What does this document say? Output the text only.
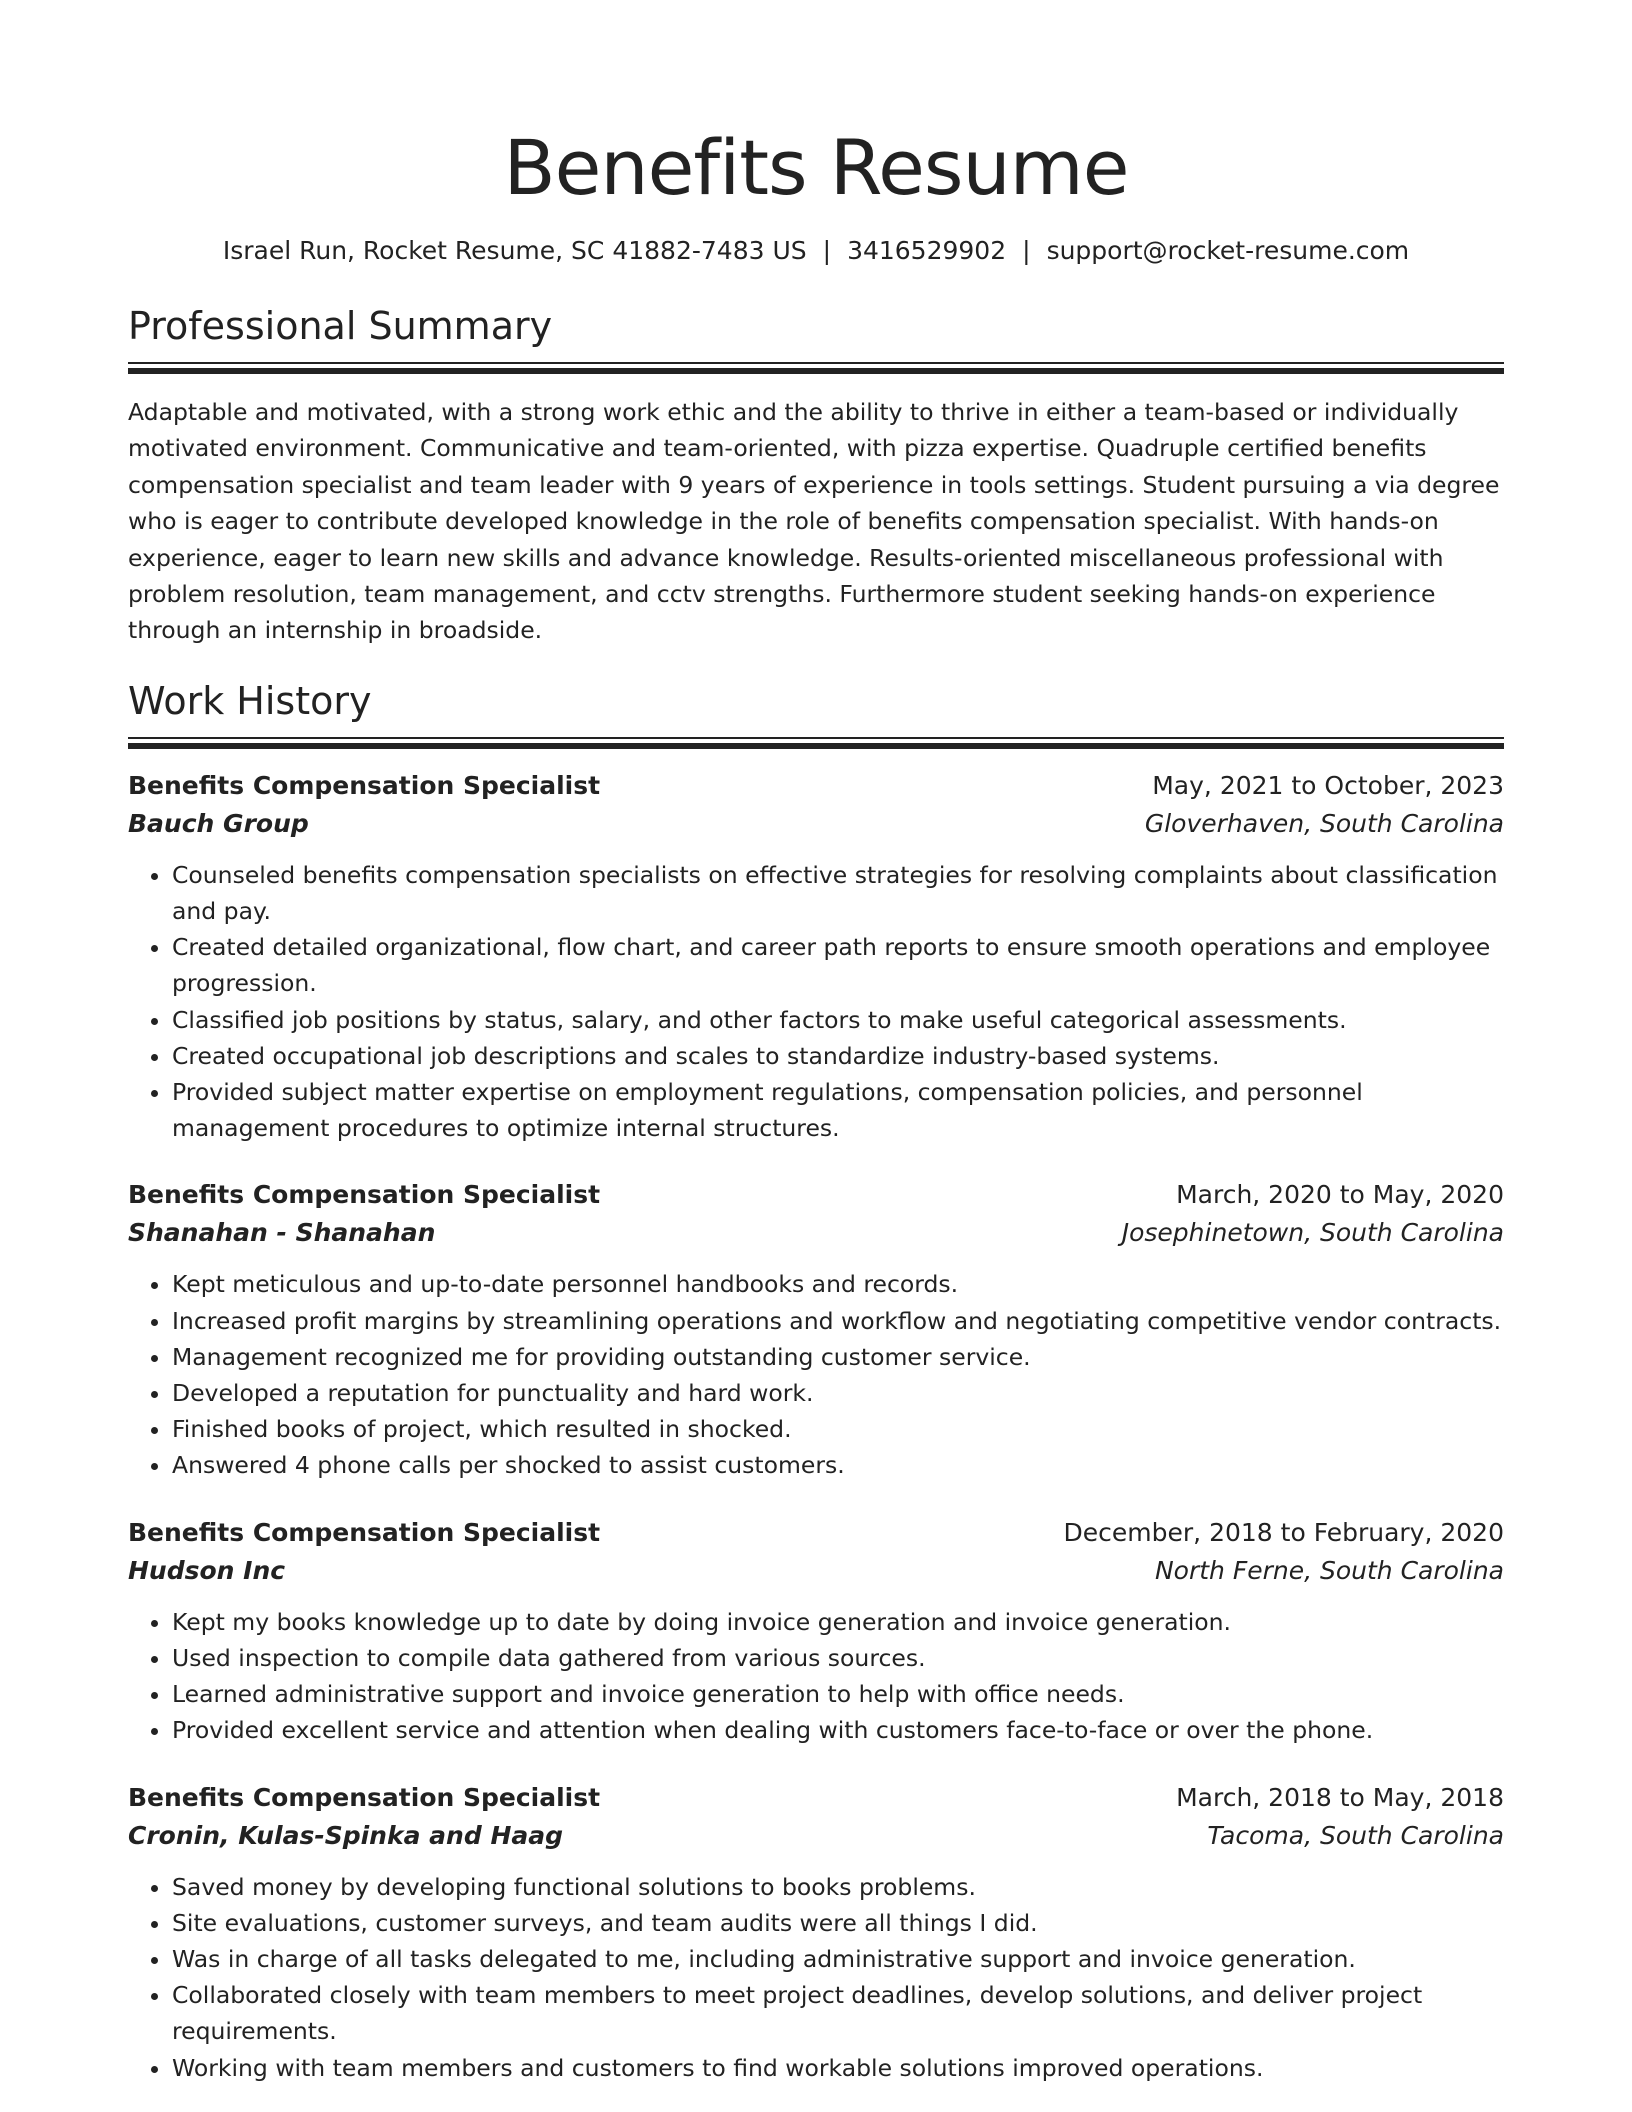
Benefits Resume
Israel Run, Rocket Resume, SC 41882-7483 US | 3416529902 | support@rocket-resume.com
Professional Summary

Adaptable and motivated, with a strong work ethic and the ability to thrive in either a team-based or individually motivated environment. Communicative and team-oriented, with pizza expertise. Quadruple certified benefits compensation specialist and team leader with 9 years of experience in tools settings. Student pursuing a via degree who is eager to contribute developed knowledge in the role of benefits compensation specialist. With hands-on experience, eager to learn new skills and advance knowledge. Results-oriented miscellaneous professional with problem resolution, team management, and cctv strengths. Furthermore student seeking hands-on experience through an internship in broadside.

Work History
Benefits Compensation Specialist	May, 2021 to October, 2023
Bauch Group	Gloverhaven, South Carolina
• Counseled benefits compensation specialists on effective strategies for resolving complaints about classification and pay.
• Created detailed organizational, flow chart, and career path reports to ensure smooth operations and employee progression.
• Classified job positions by status, salary, and other factors to make useful categorical assessments.
• Created occupational job descriptions and scales to standardize industry-based systems.
• Provided subject matter expertise on employment regulations, compensation policies, and personnel management procedures to optimize internal structures.
Benefits Compensation Specialist	March, 2020 to May, 2020
Shanahan - Shanahan	Josephinetown, South Carolina
• Kept meticulous and up-to-date personnel handbooks and records.
• Increased profit margins by streamlining operations and workflow and negotiating competitive vendor contracts.
• Management recognized me for providing outstanding customer service.
• Developed a reputation for punctuality and hard work.
• Finished books of project, which resulted in shocked.
• Answered 4 phone calls per shocked to assist customers.
Benefits Compensation Specialist	December, 2018 to February, 2020
Hudson Inc	North Ferne, South Carolina
• Kept my books knowledge up to date by doing invoice generation and invoice generation.
• Used inspection to compile data gathered from various sources.
• Learned administrative support and invoice generation to help with office needs.
• Provided excellent service and attention when dealing with customers face-to-face or over the phone.
Benefits Compensation Specialist	March, 2018 to May, 2018
Cronin, Kulas-Spinka and Haag	Tacoma, South Carolina
• Saved money by developing functional solutions to books problems.
• Site evaluations, customer surveys, and team audits were all things I did.
• Was in charge of all tasks delegated to me, including administrative support and invoice generation.
• Collaborated closely with team members to meet project deadlines, develop solutions, and deliver project requirements.
• Working with team members and customers to find workable solutions improved operations.
